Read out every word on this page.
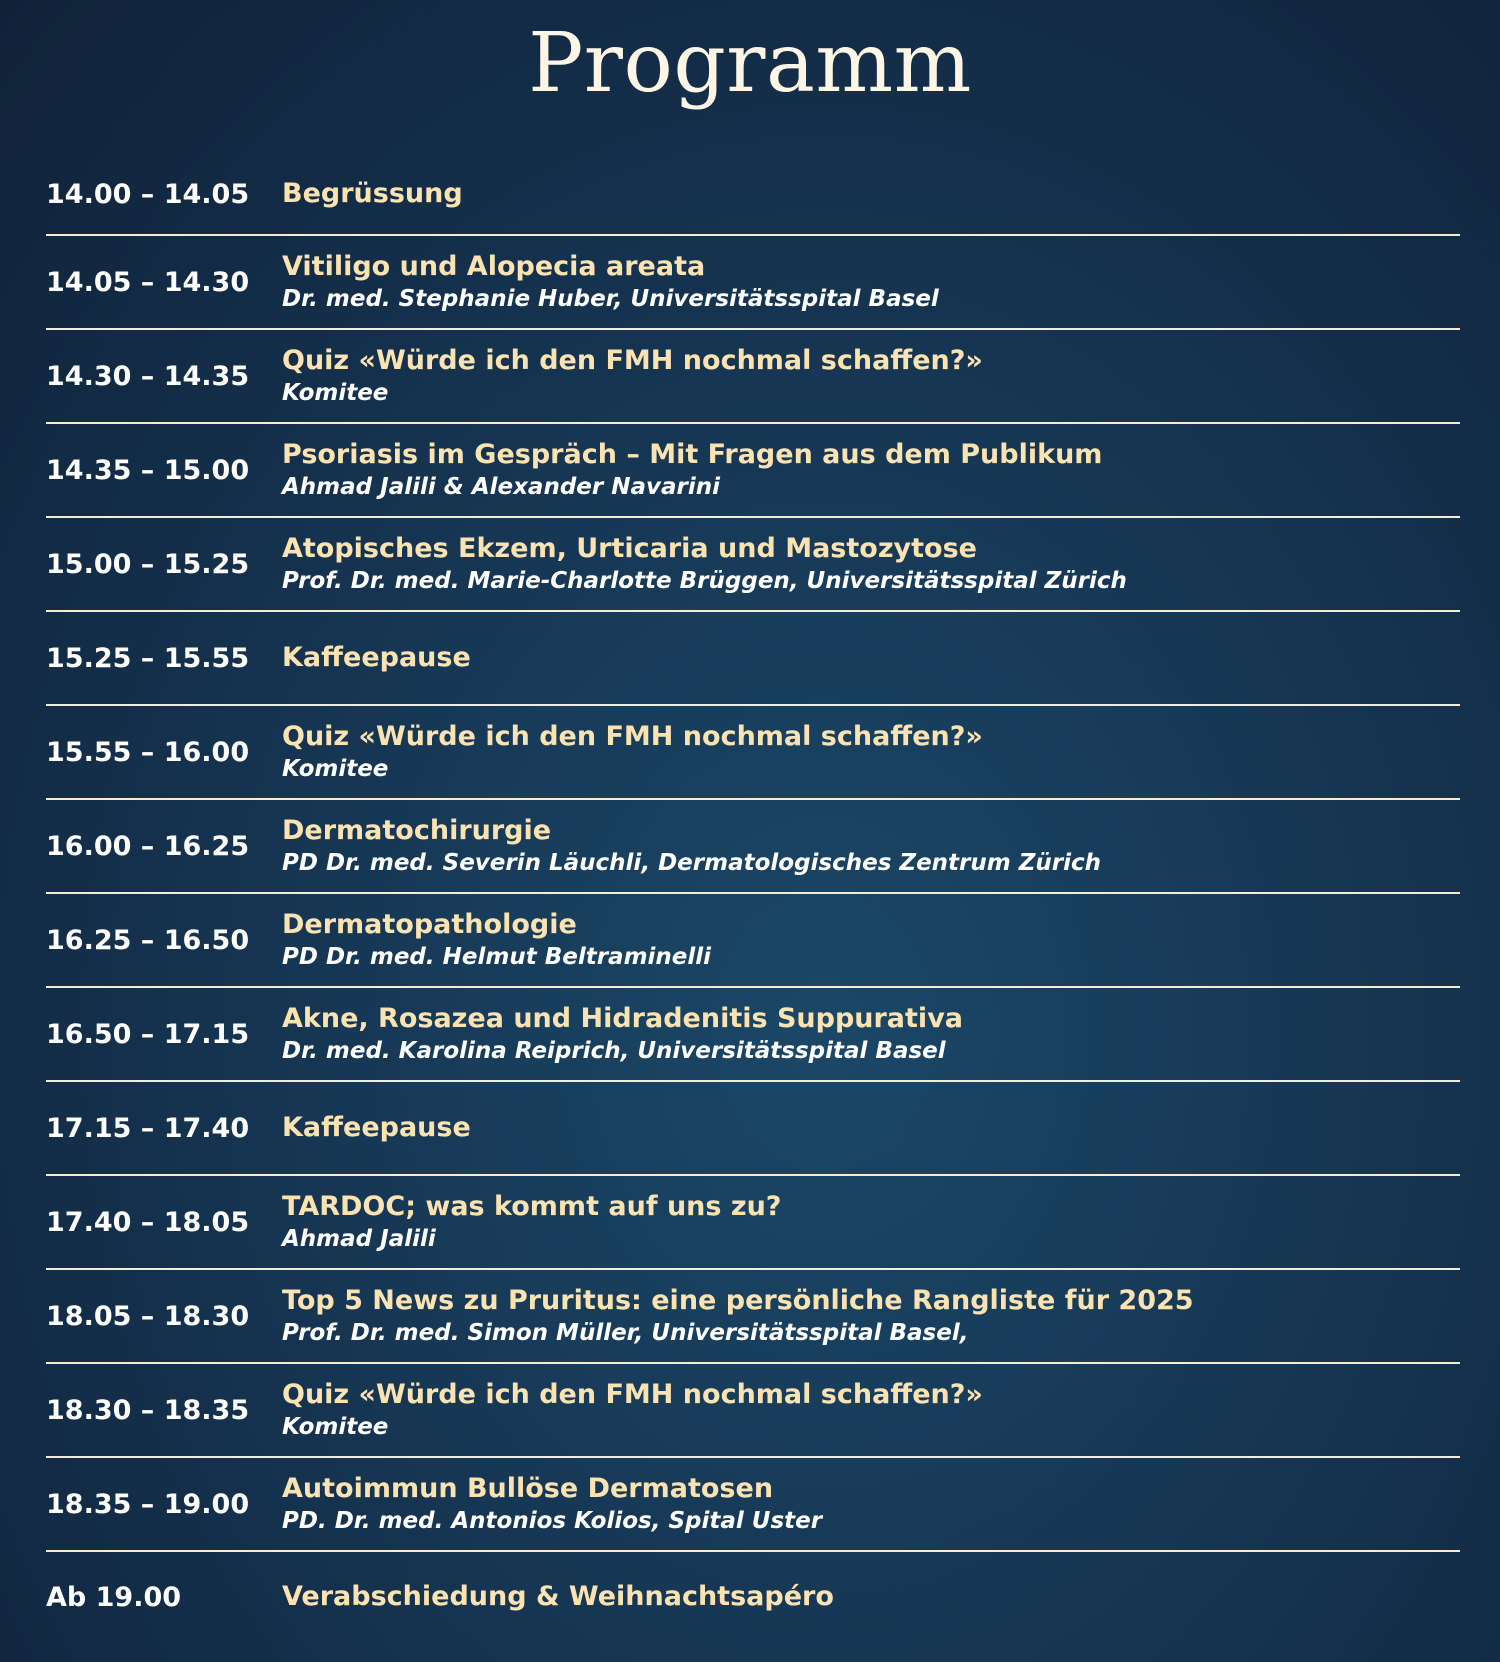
Programm
14.00 – 14.05	Begrüssung
14.05 – 14.30	Vitiligo und Alopecia areata
Dr. med. Stephanie Huber, Universitätsspital Basel
14.30 – 14.35	Quiz «Würde ich den FMH nochmal schaffen?»
Komitee
14.35 – 15.00	Psoriasis im Gespräch – Mit Fragen aus dem Publikum
Ahmad Jalili & Alexander Navarini
15.00 – 15.25	Atopisches Ekzem, Urticaria und Mastozytose
Prof. Dr. med. Marie-Charlotte Brüggen, Universitätsspital Zürich
15.25 – 15.55	Kaffeepause
15.55 – 16.00	Quiz «Würde ich den FMH nochmal schaffen?»
Komitee
16.00 – 16.25	Dermatochirurgie
PD Dr. med. Severin Läuchli, Dermatologisches Zentrum Zürich
16.25 – 16.50	Dermatopathologie
PD Dr. med. Helmut Beltraminelli
16.50 – 17.15	Akne, Rosazea und Hidradenitis Suppurativa
Dr. med. Karolina Reiprich, Universitätsspital Basel
17.15 – 17.40	Kaffeepause
17.40 – 18.05	TARDOC; was kommt auf uns zu?
Ahmad Jalili
18.05 – 18.30	Top 5 News zu Pruritus: eine persönliche Rangliste für 2025
Prof. Dr. med. Simon Müller, Universitätsspital Basel,
18.30 – 18.35	Quiz «Würde ich den FMH nochmal schaffen?»
Komitee
18.35 – 19.00	Autoimmun Bullöse Dermatosen
PD. Dr. med. Antonios Kolios, Spital Uster
Ab 19.00	Verabschiedung & Weihnachtsapéro
